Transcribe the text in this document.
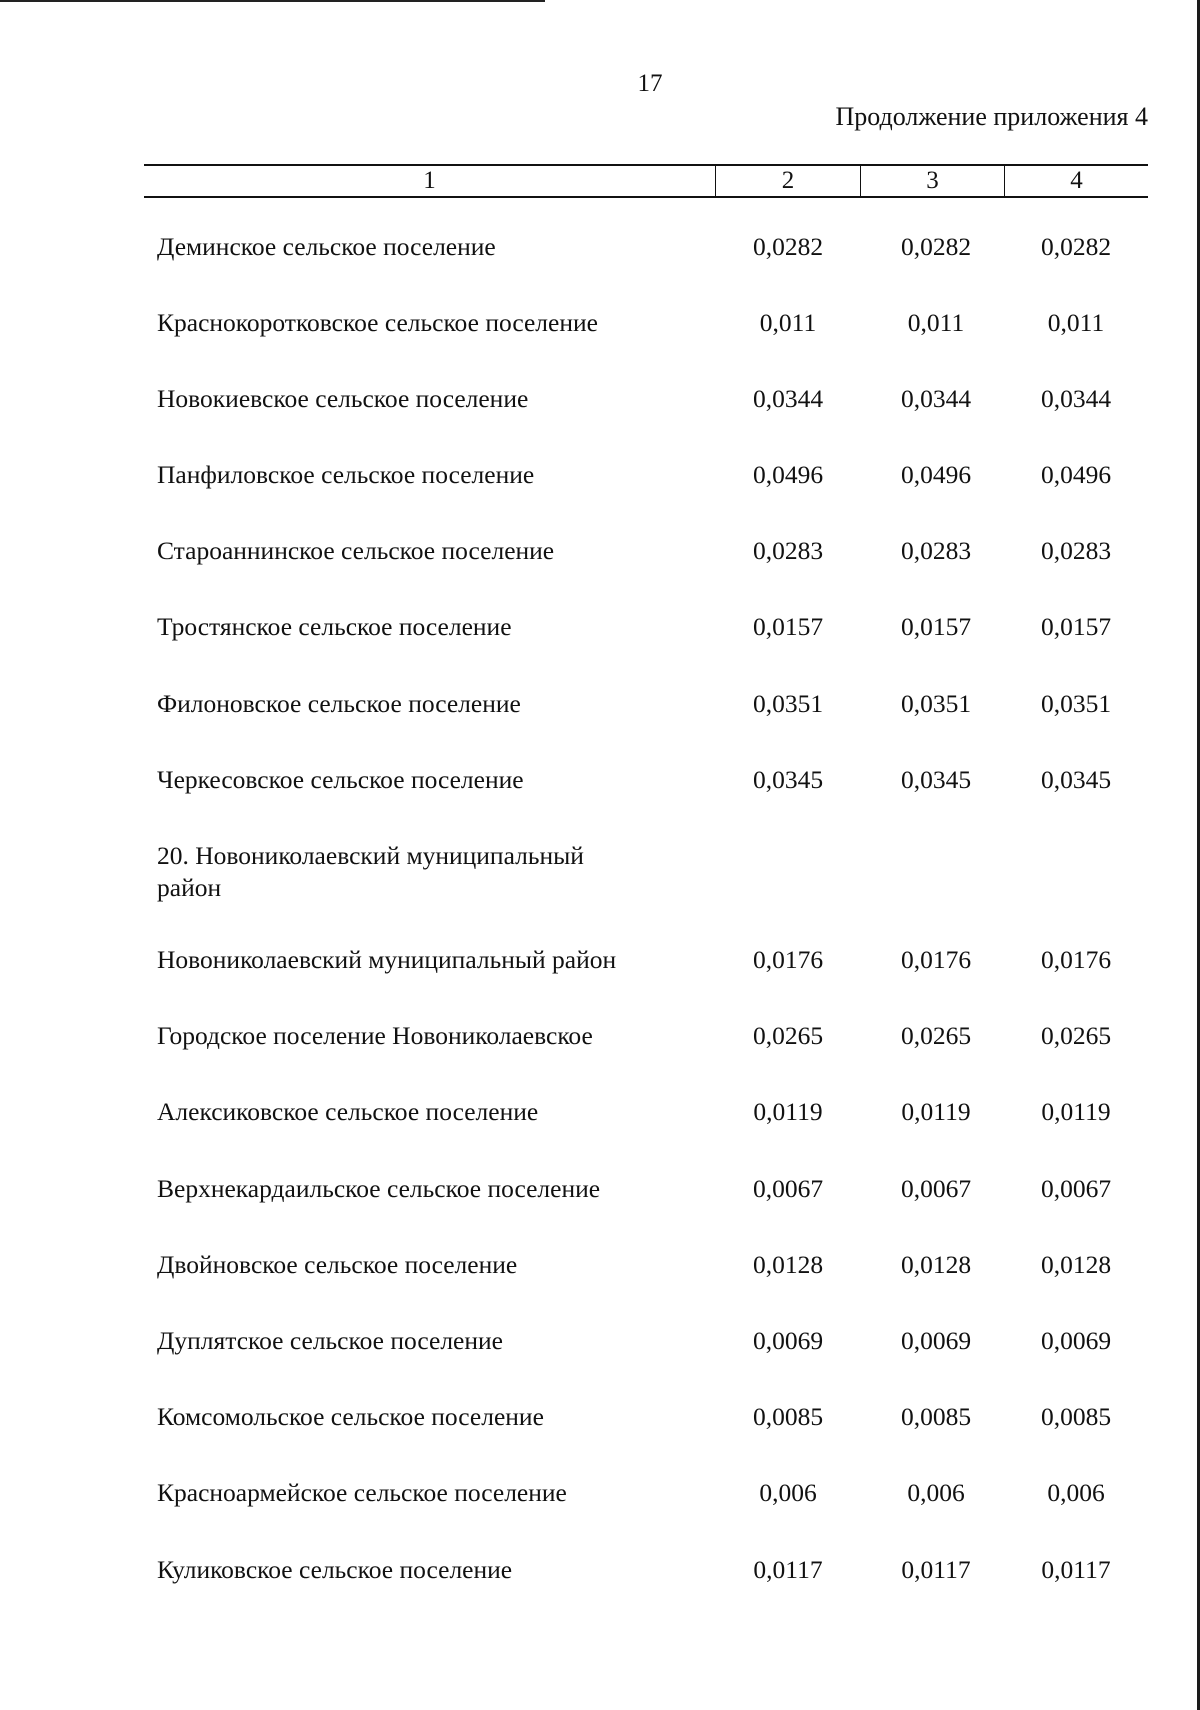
17
Продолжение приложения 4
1	2	3	4
Деминское сельское поселение	0,0282	0,0282	0,0282
Краснокоротковское сельское поселение	0,011	0,011	0,011
Новокиевское сельское поселение	0,0344	0,0344	0,0344
Панфиловское сельское поселение	0,0496	0,0496	0,0496
Староаннинское сельское поселение	0,0283	0,0283	0,0283
Тростянское сельское поселение	0,0157	0,0157	0,0157
Филоновское сельское поселение	0,0351	0,0351	0,0351
Черкесовское сельское поселение	0,0345	0,0345	0,0345
20. Новониколаевский муниципальный
район
Новониколаевский муниципальный район	0,0176	0,0176	0,0176
Городское поселение Новониколаевское	0,0265	0,0265	0,0265
Алексиковское сельское поселение	0,0119	0,0119	0,0119
Верхнекардаильское сельское поселение	0,0067	0,0067	0,0067
Двойновское сельское поселение	0,0128	0,0128	0,0128
Дуплятское сельское поселение	0,0069	0,0069	0,0069
Комсомольское сельское поселение	0,0085	0,0085	0,0085
Красноармейское сельское поселение	0,006	0,006	0,006
Куликовское сельское поселение	0,0117	0,0117	0,0117
